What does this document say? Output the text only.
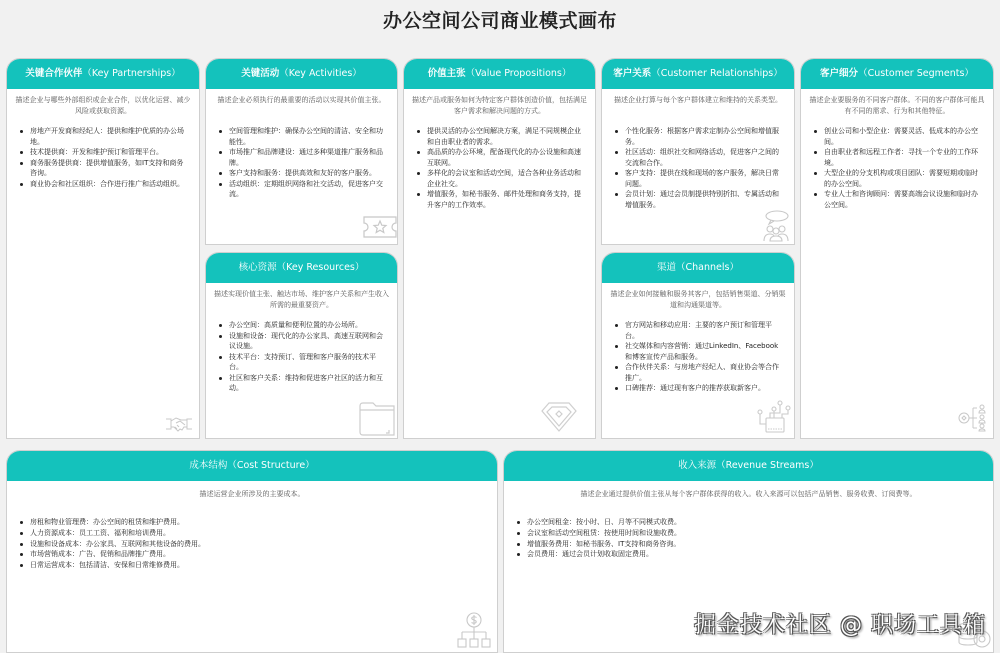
办公空间公司商业模式画布
关键合作伙伴（Key Partnerships）
描述企业与哪些外部组织或企业合作，以优化运营、减少风险或获取资源。
房地产开发商和经纪人：提供和维护优质的办公场地。
技术提供商：开发和维护预订和管理平台。
商务服务提供商：提供增值服务，如IT支持和商务咨询。
商业协会和社区组织：合作进行推广和活动组织。
关键活动（Key Activities）
描述企业必须执行的最重要的活动以实现其价值主张。
空间管理和维护：确保办公空间的清洁、安全和功能性。
市场推广和品牌建设：通过多种渠道推广服务和品牌。
客户支持和服务：提供高效和友好的客户服务。
活动组织：定期组织网络和社交活动，促进客户交流。
核心资源（Key Resources）
描述实现价值主张、触达市场、维护客户关系和产生收入所需的最重要资产。
办公空间：高质量和便利位置的办公场所。
设施和设备：现代化的办公家具、高速互联网和会议设施。
技术平台：支持预订、管理和客户服务的技术平台。
社区和客户关系：维持和促进客户社区的活力和互动。
价值主张（Value Propositions）
描述产品或服务如何为特定客户群体创造价值，包括满足客户需求和解决问题的方式。
提供灵活的办公空间解决方案，满足不同规模企业和自由职业者的需求。
高品质的办公环境，配备现代化的办公设施和高速互联网。
多样化的会议室和活动空间，适合各种业务活动和企业社交。
增值服务，如秘书服务、邮件处理和商务支持，提升客户的工作效率。
客户关系（Customer Relationships）
描述企业打算与每个客户群体建立和维持的关系类型。
个性化服务：根据客户需求定制办公空间和增值服务。
社区活动：组织社交和网络活动，促进客户之间的交流和合作。
客户支持：提供在线和现场的客户服务，解决日常问题。
会员计划：通过会员制提供特别折扣、专属活动和增值服务。
渠道（Channels）
描述企业如何接触和服务其客户，包括销售渠道、分销渠道和沟通渠道等。
官方网站和移动应用：主要的客户预订和管理平台。
社交媒体和内容营销：通过LinkedIn、Facebook和博客宣传产品和服务。
合作伙伴关系：与房地产经纪人、商业协会等合作推广。
口碑推荐：通过现有客户的推荐获取新客户。
客户细分（Customer Segments）
描述企业要服务的不同客户群体。不同的客户群体可能具有不同的需求、行为和其他特征。
创业公司和小型企业：需要灵活、低成本的办公空间。
自由职业者和远程工作者：寻找一个专业的工作环境。
大型企业的分支机构或项目团队：需要短期或临时的办公空间。
专业人士和咨询顾问：需要高端会议设施和临时办公空间。
成本结构（Cost Structure）
描述运营企业所涉及的主要成本。
房租和物业管理费：办公空间的租赁和维护费用。
人力资源成本：员工工资、福利和培训费用。
设施和设备成本：办公家具、互联网和其他设备的费用。
市场营销成本：广告、促销和品牌推广费用。
日常运营成本：包括清洁、安保和日常维修费用。
收入来源（Revenue Streams）
描述企业通过提供价值主张从每个客户群体获得的收入。收入来源可以包括产品销售、服务收费、订阅费等。
办公空间租金：按小时、日、月等不同模式收费。
会议室和活动空间租赁：按使用时间和设施收费。
增值服务费用：如秘书服务、IT支持和商务咨询。
会员费用：通过会员计划收取固定费用。
掘金技术社区 @ 职场工具箱
